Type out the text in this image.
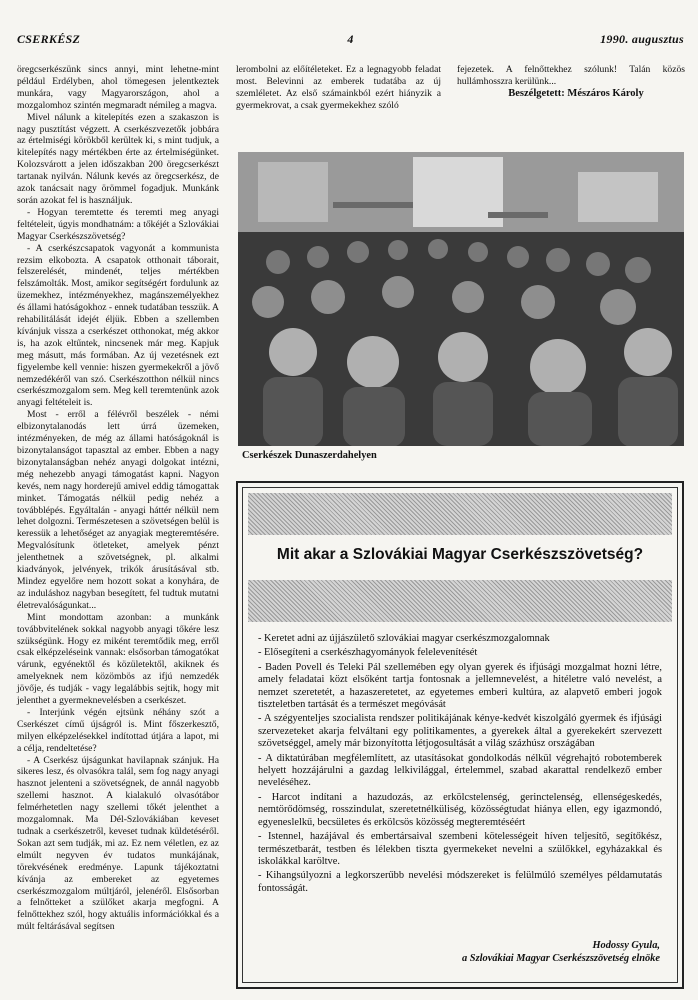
CSERKÉSZ	4	1990. augusztus

öregcserkészünk sincs annyi, mint lehetne-mint például Erdélyben, ahol tömegesen jelentkeztek munkára, vagy Magyarországon, ahol a mozgalomhoz szintén megmaradt némileg a magva.

Mivel nálunk a kitelepítés ezen a szakaszon is nagy pusztítást végzett. A cserkészvezetők jobbára az értelmiségi körökből kerültek ki, s mint tudjuk, a kitelepítés nagy mértékben érte az értelmiségünket. Kolozsvárott a jelen időszakban 200 öregcserkészt tartanak nyilván. Nálunk kevés az öregcserkész, de azok tanácsait nagy örömmel fogadjuk. Munkánk során azokat fel is használjuk.

- Hogyan teremtette és teremti meg anyagi feltételeit, úgyis mondhatnám: a tőkéjét a Szlovákiai Magyar Cserkészszövetség?

- A cserkészcsapatok vagyonát a kommunista rezsim elkobozta. A csapatok otthonait táborait, felszerelését, mindenét, teljes mértékben felszámolták. Most, amikor segítségért fordulunk az üzemekhez, intézményekhez, magánszemélyekhez és állami hatóságokhoz - ennek tudatában tesszük. A rehabilitálását idejét éljük. Ebben a szellemben kívánjuk vissza a cserkészet otthonokat, még akkor is, ha azok eltűntek, nincsenek már meg. Kapjuk meg másutt, más formában. Az új vezetésnek ezt figyelembe kell vennie: hiszen gyermekekről a jövő nemzedékéről van szó. Cserkészotthon nélkül nincs cserkészmozgalom sem. Meg kell teremtenünk azok anyagi feltételeit is.

Most - erről a félévről beszélek - némi elbizonytalanodás lett úrrá üzemeken, intézményeken, de még az állami hatóságoknál is bizonytalanságot tapasztal az ember. Ebben a nagy bizonytalanságban nehéz anyagi dolgokat intézni, még nehezebb anyagi támogatást kapni. Nagyon kevés, nem nagy horderejű amivel eddig támogattak minket. Támogatás nélkül pedig nehéz a továbblépés. Egyáltalán - anyagi háttér nélkül nem lehet dolgozni. Természetesen a szövetségen belül is keressük a lehetőséget az anyagiak megteremtésére. Megvalósítunk ötleteket, amelyek pénzt jelenthetnek a szövetségnek, pl. alkalmi kiadványok, jelvények, trikók árusításával stb. Mindez egyelőre nem hozott sokat a konyhára, de az induláshoz nagyban besegített, fel tudtuk mutatni életrevalóságunkat...

Mint mondottam azonban: a munkánk továbbvitelének sokkal nagyobb anyagi tőkére lesz szükségünk. Hogy ez miként teremtődik meg, erről csak elképzeléseink vannak: elsősorban támogatókat várunk, egyénektől és közületektől, akiknek és amelyeknek nem közömbös az ifjú nemzedék jövője, és tudják - vagy legalábbis sejtik, hogy mit jelenthet a gyermeknevelésben a cserkészet.

- Interjúnk végén ejtsünk néhány szót a Cserkészet című újságról is. Mint főszerkesztő, milyen elképzelésekkel indítottad útjára a lapot, mi a célja, rendeltetése?

- A Cserkész újságunkat havilapnak szánjuk. Ha sikeres lesz, és olvasókra talál, sem fog nagy anyagi hasznot jelenteni a szövetségnek, de annál nagyobb szellemi hasznot. A kialakuló olvasótábor felmérhetetlen nagy szellemi tőkét jelenthet a mozgalomnak. Ma Dél-Szlovákiában keveset tudnak a cserkészetről, keveset tudnak küldetéséről. Sokan azt sem tudják, mi az. Ez nem véletlen, ez az elmúlt negyven év tudatos munkájának, törekvésének eredménye. Lapunk tájékoztatni kívánja az embereket az egyetemes cserkészmozgalom múltjáról, jelenéről. Elsősorban a felnőtteket a szülőket akarja megfogni. A felnőttekhez szól, hogy aktuális információkkal és a múlt feltárásával segítsen

lerombolni az előítéleteket. Ez a legnagyobb feladat most. Belevinni az emberek tudatába az új szemléletet. Az első számainkból ezért hiányzik a gyermekrovat, a csak gyermekekhez szóló

fejezetek. A felnőttekhez szólunk! Talán közös hullámhosszra kerülünk...

Beszélgetett: Mészáros Károly

Cserkészek Dunaszerdahelyen
Mit akar a Szlovákiai Magyar Cserkészszövetség?

- Keretet adni az újjászülető szlovákiai magyar cserkészmozgalomnak

- Elősegíteni a cserkészhagyományok feleleveníté​sét

- Baden Povell és Teleki Pál szellemében egy olyan gyerek és ifjúsági mozgalmat hozni létre, amely feladatai közt elsőként tartja fontosnak a jellemnevelést, a hitéletre való nevelést, a nemzet szeretetét, a hazaszeretetet, az egyetemes emberi kultúra, az alapvető emberi jogok tiszteletben tartását és a természet megóvását

- A szégyenteljes szocialista rendszer politikájának kénye-kedvét kiszolgáló gyermek és ifjúsági szervezeteket akarja felváltani egy politikamentes, a gyerekek által a gyerekekért szervezett szövetséggel, amely már bizonyította létjogosultását a világ száz​húsz országában

- A diktatúrában megfélemlített, az utasításokat gondolkodás nélkül végrehajtó robotemberek helyett hozzájárulni a gazdag lelkivilággal, értelemmel, szabad akarattal rendelkező ember neveléséhez.

- Harcot indítani a hazudozás, az erkölcstelenség, gerinctelenség, ellenségeskedés, nemtörődömség, rosszindulat, szeretetnélküliség, közösségtudat hiánya ellen, egy igazmondó, egyenes​lelkű, becsületes és erkölcsös közösség megteremtéséért

- Istennel, hazájával és embertársaival szembeni kötelességeit híven teljesítő, segítőkész, természetbarát, testben és lélekben tiszta gyermekeket nevelni a szülőkkel, egyházakkal és iskolákkal karöltve.

- Kihangsúlyozni a legkorszerűbb nevelési módszereket is felülmúló személyes példamutatás fontosságát.

Hodossy Gyula,
a Szlovákiai Magyar Cserkészszövetség elnöke
